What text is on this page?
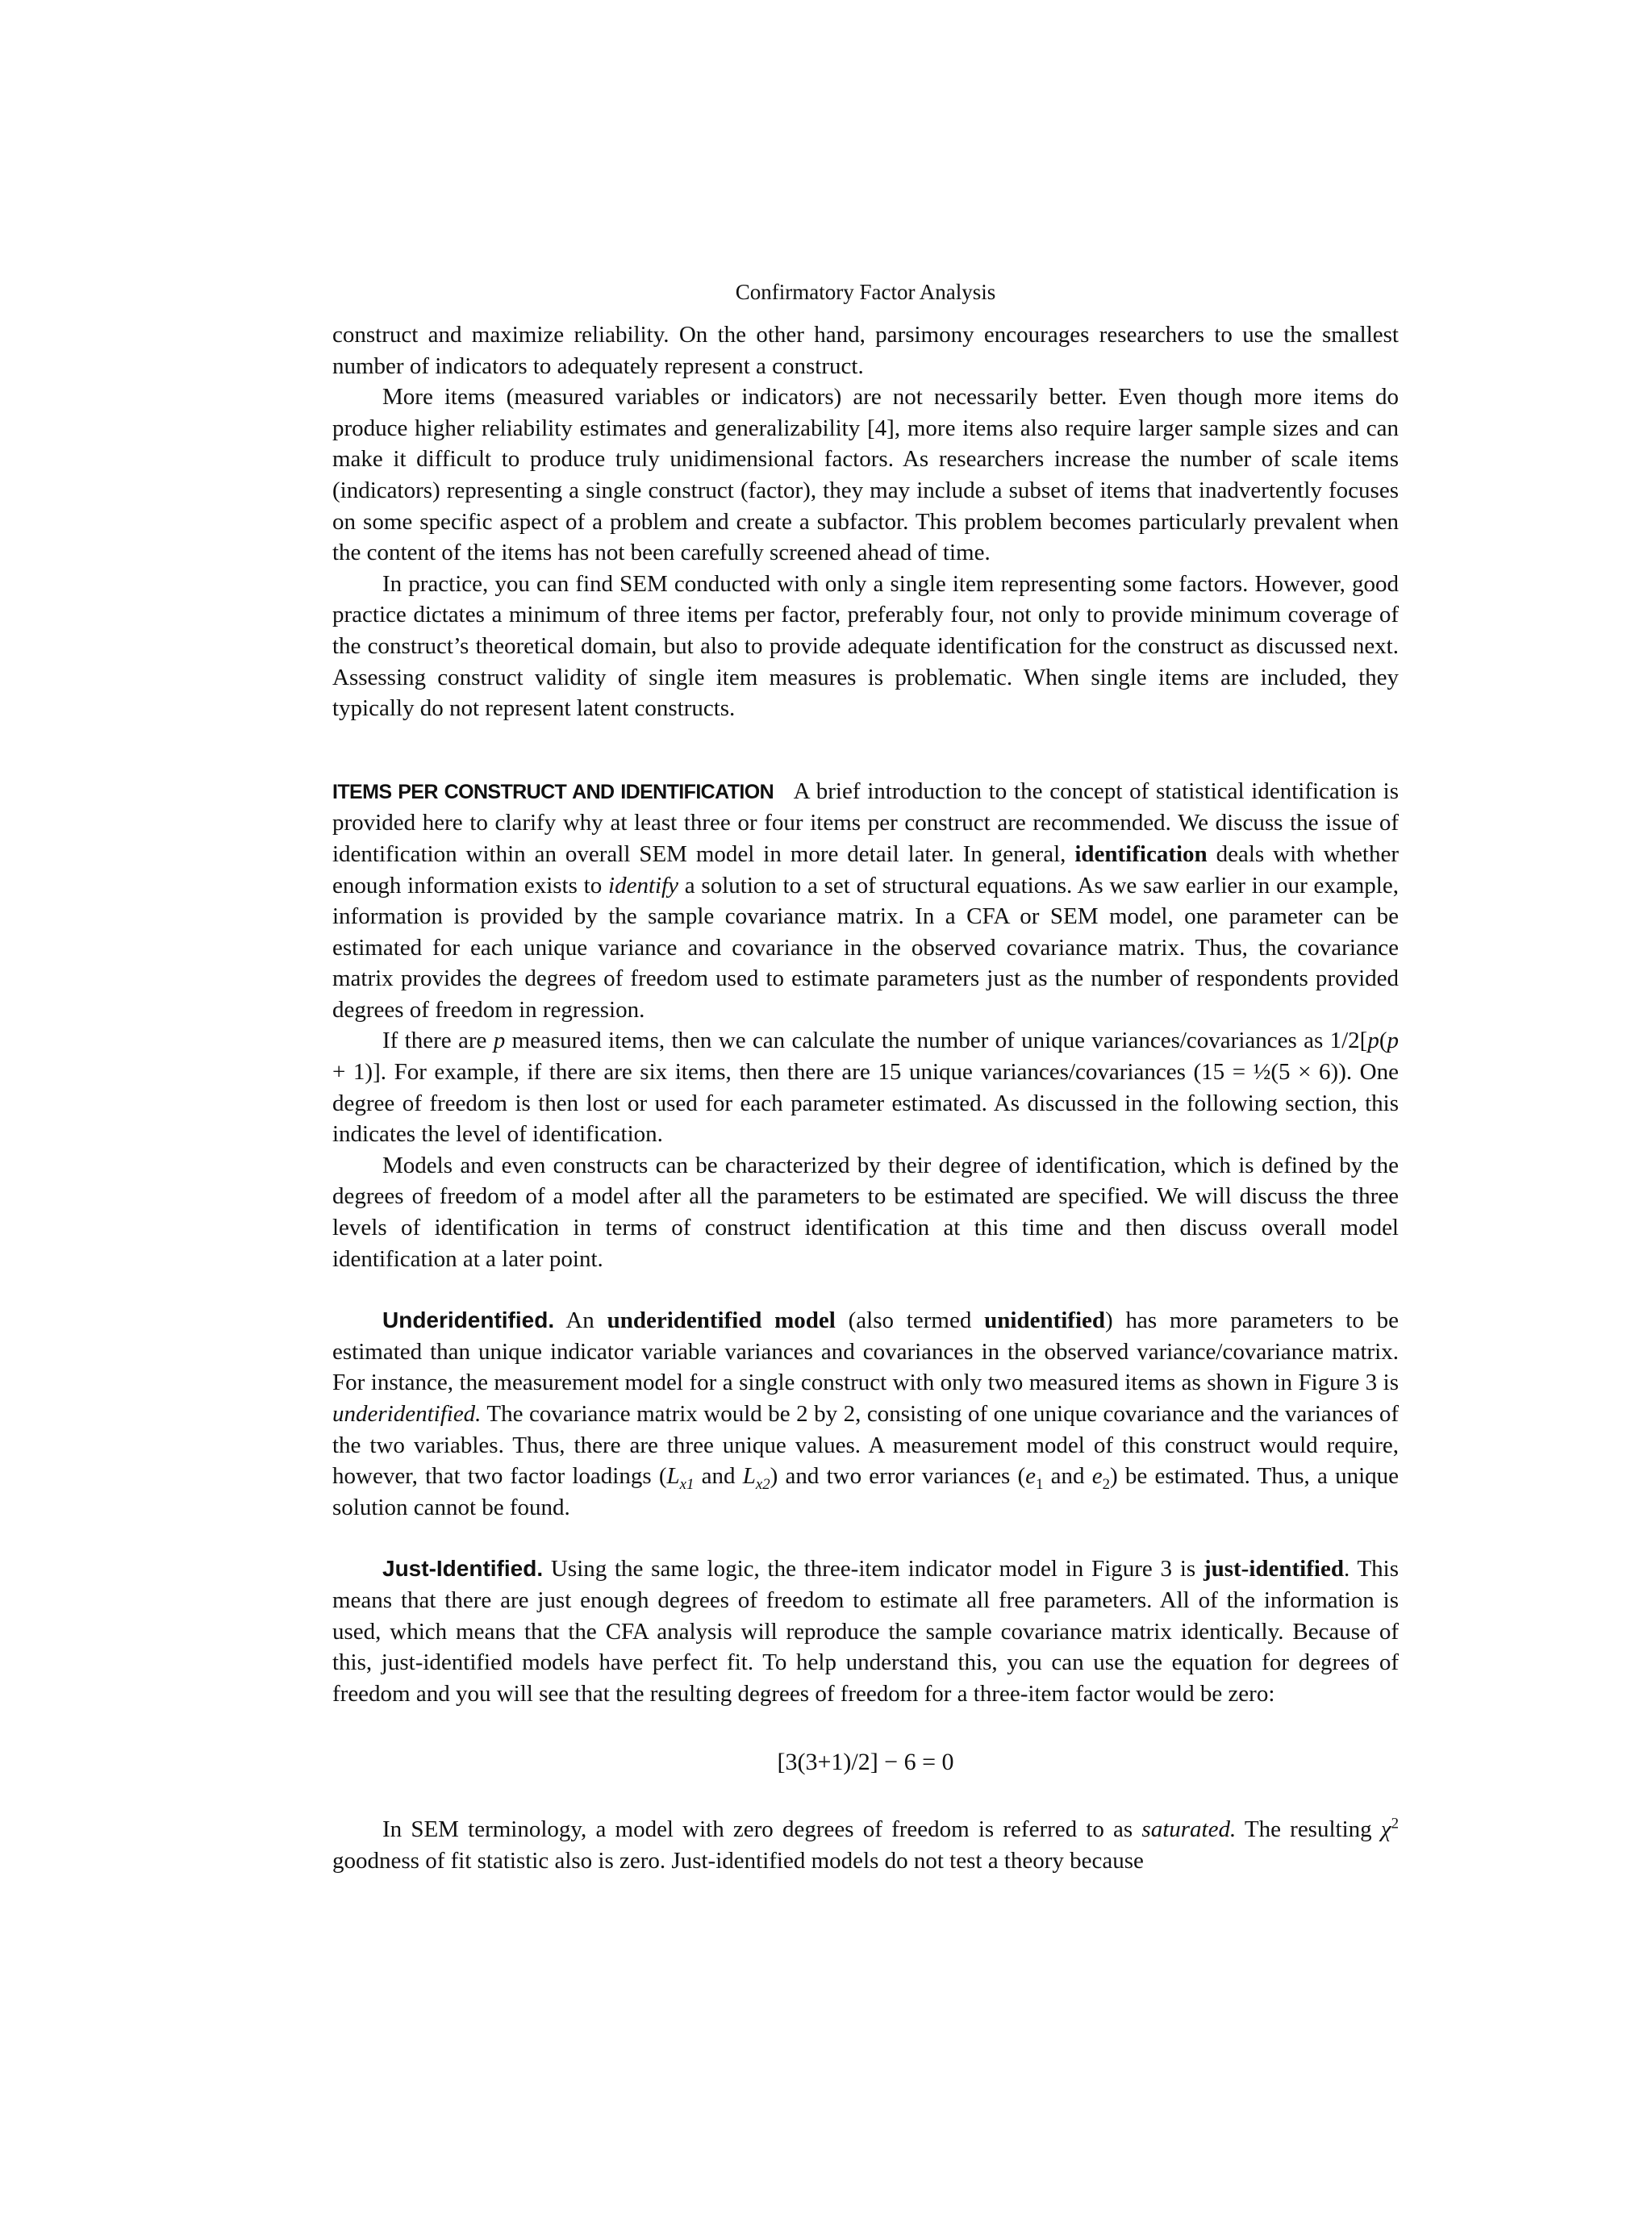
Confirmatory Factor Analysis

construct and maximize reliability. On the other hand, parsimony encourages researchers to use the smallest number of indicators to adequately represent a construct.

More items (measured variables or indicators) are not necessarily better. Even though more items do produce higher reliability estimates and generalizability [4], more items also require larger sample sizes and can make it difficult to produce truly unidimensional factors. As researchers increase the number of scale items (indicators) representing a single construct (factor), they may include a subset of items that inadvertently focuses on some specific aspect of a problem and create a subfactor. This problem becomes particularly prevalent when the content of the items has not been carefully screened ahead of time.

In practice, you can find SEM conducted with only a single item representing some factors. However, good practice dictates a minimum of three items per factor, preferably four, not only to provide minimum coverage of the construct’s theoretical domain, but also to provide adequate identification for the construct as discussed next. Assessing construct validity of single item measures is problematic. When single items are included, they typically do not represent latent constructs.

ITEMS PER CONSTRUCT AND IDENTIFICATION A brief introduction to the concept of statistical identification is provided here to clarify why at least three or four items per construct are recommended. We discuss the issue of identification within an overall SEM model in more detail later. In general, identification deals with whether enough information exists to identify a solution to a set of structural equations. As we saw earlier in our example, information is provided by the sample covariance matrix. In a CFA or SEM model, one parameter can be estimated for each unique variance and covariance in the observed covariance matrix. Thus, the covariance matrix provides the degrees of freedom used to estimate parameters just as the number of respondents provided degrees of freedom in regression.

If there are p measured items, then we can calculate the number of unique variances/covariances as 1/2[p(p + 1)]. For example, if there are six items, then there are 15 unique variances/covariances (15 = ½(5 × 6)). One degree of freedom is then lost or used for each parameter estimated. As discussed in the following section, this indicates the level of identification.

Models and even constructs can be characterized by their degree of identification, which is defined by the degrees of freedom of a model after all the parameters to be estimated are specified. We will discuss the three levels of identification in terms of construct identification at this time and then discuss overall model identification at a later point.

Underidentified. An underidentified model (also termed unidentified) has more parameters to be estimated than unique indicator variable variances and covariances in the observed variance/covariance matrix. For instance, the measurement model for a single construct with only two measured items as shown in Figure 3 is underidentified. The covariance matrix would be 2 by 2, consisting of one unique covariance and the variances of the two variables. Thus, there are three unique values. A measurement model of this construct would require, however, that two factor loadings ($L_{x1}$ and $L_{x2}$) and two error variances ($e_1$ and $e_2$) be estimated. Thus, a unique solution cannot be found.

Just-Identified. Using the same logic, the three-item indicator model in Figure 3 is just-identified. This means that there are just enough degrees of freedom to estimate all free parameters. All of the information is used, which means that the CFA analysis will reproduce the sample covariance matrix identically. Because of this, just-identified models have perfect fit. To help understand this, you can use the equation for degrees of freedom and you will see that the resulting degrees of freedom for a three-item factor would be zero:

[3(3+1)/2] − 6 = 0

In SEM terminology, a model with zero degrees of freedom is referred to as saturated. The resulting $\chi^2$ goodness of fit statistic also is zero. Just-identified models do not test a theory because
